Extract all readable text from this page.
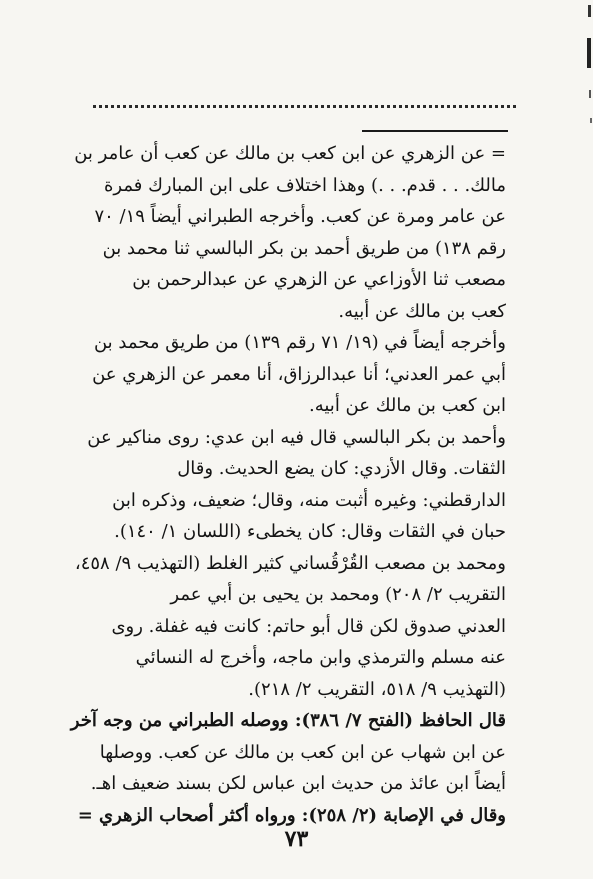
= عن الزهري عن ابن كعب بن مالك عن كعب أن عامر بن
مالك. . . قدم. . .) وهذا اختلاف على ابن المبارك فمرة
عن عامر ومرة عن كعب. وأخرجه الطبراني أيضاً ١٩/ ٧٠
رقم ١٣٨) من طريق أحمد بن بكر البالسي ثنا محمد بن
مصعب ثنا الأوزاعي عن الزهري عن عبدالرحمن بن
كعب بن مالك عن أبيه.
وأخرجه أيضاً في (١٩/ ٧١ رقم ١٣٩) من طريق محمد بن
أبي عمر العدني؛ أنا عبدالرزاق، أنا معمر عن الزهري عن
ابن كعب بن مالك عن أبيه.
وأحمد بن بكر البالسي قال فيه ابن عدي: روى مناكير عن
الثقات. وقال الأزدي: كان يضع الحديث. وقال
الدارقطني: وغيره أثبت منه، وقال؛ ضعيف، وذكره ابن
حبان في الثقات وقال: كان يخطىء (اللسان ١/ ١٤٠).
ومحمد بن مصعب القُرْقُساني كثير الغلط (التهذيب ٩/ ٤٥٨،
التقريب ٢/ ٢٠٨) ومحمد بن يحيى بن أبي عمر
العدني صدوق لكن قال أبو حاتم: كانت فيه غفلة. روى
عنه مسلم والترمذي وابن ماجه، وأخرج له النسائي
(التهذيب ٩/ ٥١٨، التقريب ٢/ ٢١٨).
قال الحافظ (الفتح ٧/ ٣٨٦): ووصله الطبراني من وجه آخر
عن ابن شهاب عن ابن كعب بن مالك عن كعب. ووصلها
أيضاً ابن عائذ من حديث ابن عباس لكن بسند ضعيف اهـ.
وقال في الإصابة (٢/ ٢٥٨): ورواه أكثر أصحاب الزهري =
٧٣
